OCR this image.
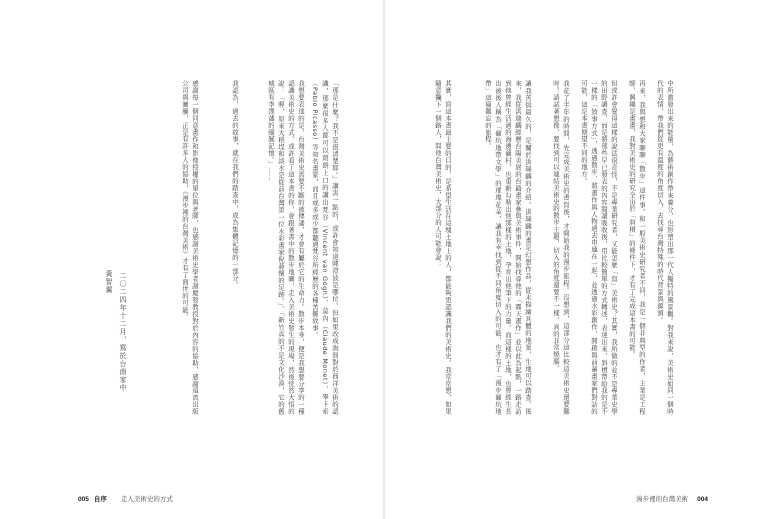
中所激發出來的能量，為藝術創作帶來養分，也形塑出那一代人獨特的風景觀。對我來說，美術史如同一個時代的表情，帶我們從更有溫度的角度切入，去找尋台灣特殊的時代背景與源頭。
再來，我與想和大家聊聊「散步」這件事。和一般美術史研究者不同，我是一個非典型的作者，主業是工程師，興趣是畫畫，我對美術史的研究全出於「斜槓」的條件下，才有了完成這本書的可能。
但或許會覺得這樣的說法很奇怪，不是專業研究者，又能怎麼「寫」美術史？其實，我所做的並不是專業史學的田野調查，而是將那些早已發表的內容閱讀吸收後，用比較簡單的方式轉述，表達出來，斜槓帶給我的是不一樣的「敘事方式」，透過散步、將畫作與人物過去串連在一起，並透過水彩創作，開啟與前輩畫家們對話的可能，這是本書期望不同的地方。
我花了半年的時間，先完成美術史的書寫後，才開始我的漫步旅程。沒想到，這部分這比較這美術史還要難呀！請試著想像，要找到可以連結美術史的散步主題，切入的角度還要不一樣，真的非常燒腦。
讓我苦惱最久的，是關於洪瑞麟的介紹。洪瑞麟的畫是幻想作品，從未描繪具體的地景，生地可以踏查。後來，我從洪瑞麟經歷台陽美展的台籍畫家參與美術事件，開始找尋他的「霧天畫作」並以此為起點，一路走訪到他曾經生活過的海邊礦村，也重新勾勒出他那樣的土地，孕育出他筆下的力量。而這樣的土地，也曾經生長出被後人稱為「礦坑地帶文學」的璀璨花朵，讓我有幸找到從不同角度切入的可能，也才有了「漫步礦坑地帶」這篇難忘的旅程。
其實，寫這本書最主要的目的，是希望生活在這塊土地上的人，都能夠更認識我們的美術史。我常常想，如果隨意攔下一個路人，問他台灣美術史，大部分的人可能會說：
「那是什麼？我不是很清楚耶。」講害一點的，或許會知道陳澄波是哪位。但如果改成詢問對於西洋美術的認識，那麼很多人都可以朗朗上口的講出梵谷（Vincent van Gogh）、莫內（Claude Monet）、畢卡索（Pablo Picasso）等知名畫家，而且或多或少都聽過梵谷所經歷的各種苦難故事。
我想要表達的是，台灣美術史需要不斷的被傳誦，才會有屬於它的生命力。散步本身，便是我想要分享的一種認識美術史的方式。或許看了這本書的你，會跟著書中的散步地圖，走入美術史發生的現場，然後恍然大悟的說：「喔，原來大稻埕和淡水是從前台灣第一位水彩畫家倪蔣懷的足跡。」、「新竹真的不是文化沙漠，它的舊城區有李澤藩的細膩記憶。」……
我認為，過去的故事，就在我們的踏查中，成為集體記憶的一部分。
感謝每一個同意畫作和影像授權的單位與老師，也感謝美術史學者謝慶發教授對於內容的協助，感謝遠流出版公司與圖騰，正是有許多人的協助，《漫步裡的台灣美術》才有了面世的可能。
二〇二四年十二月，寫於台南家中
黃智翼
005 自序 走入美術史的方式	漫步裡的台灣美術 004
